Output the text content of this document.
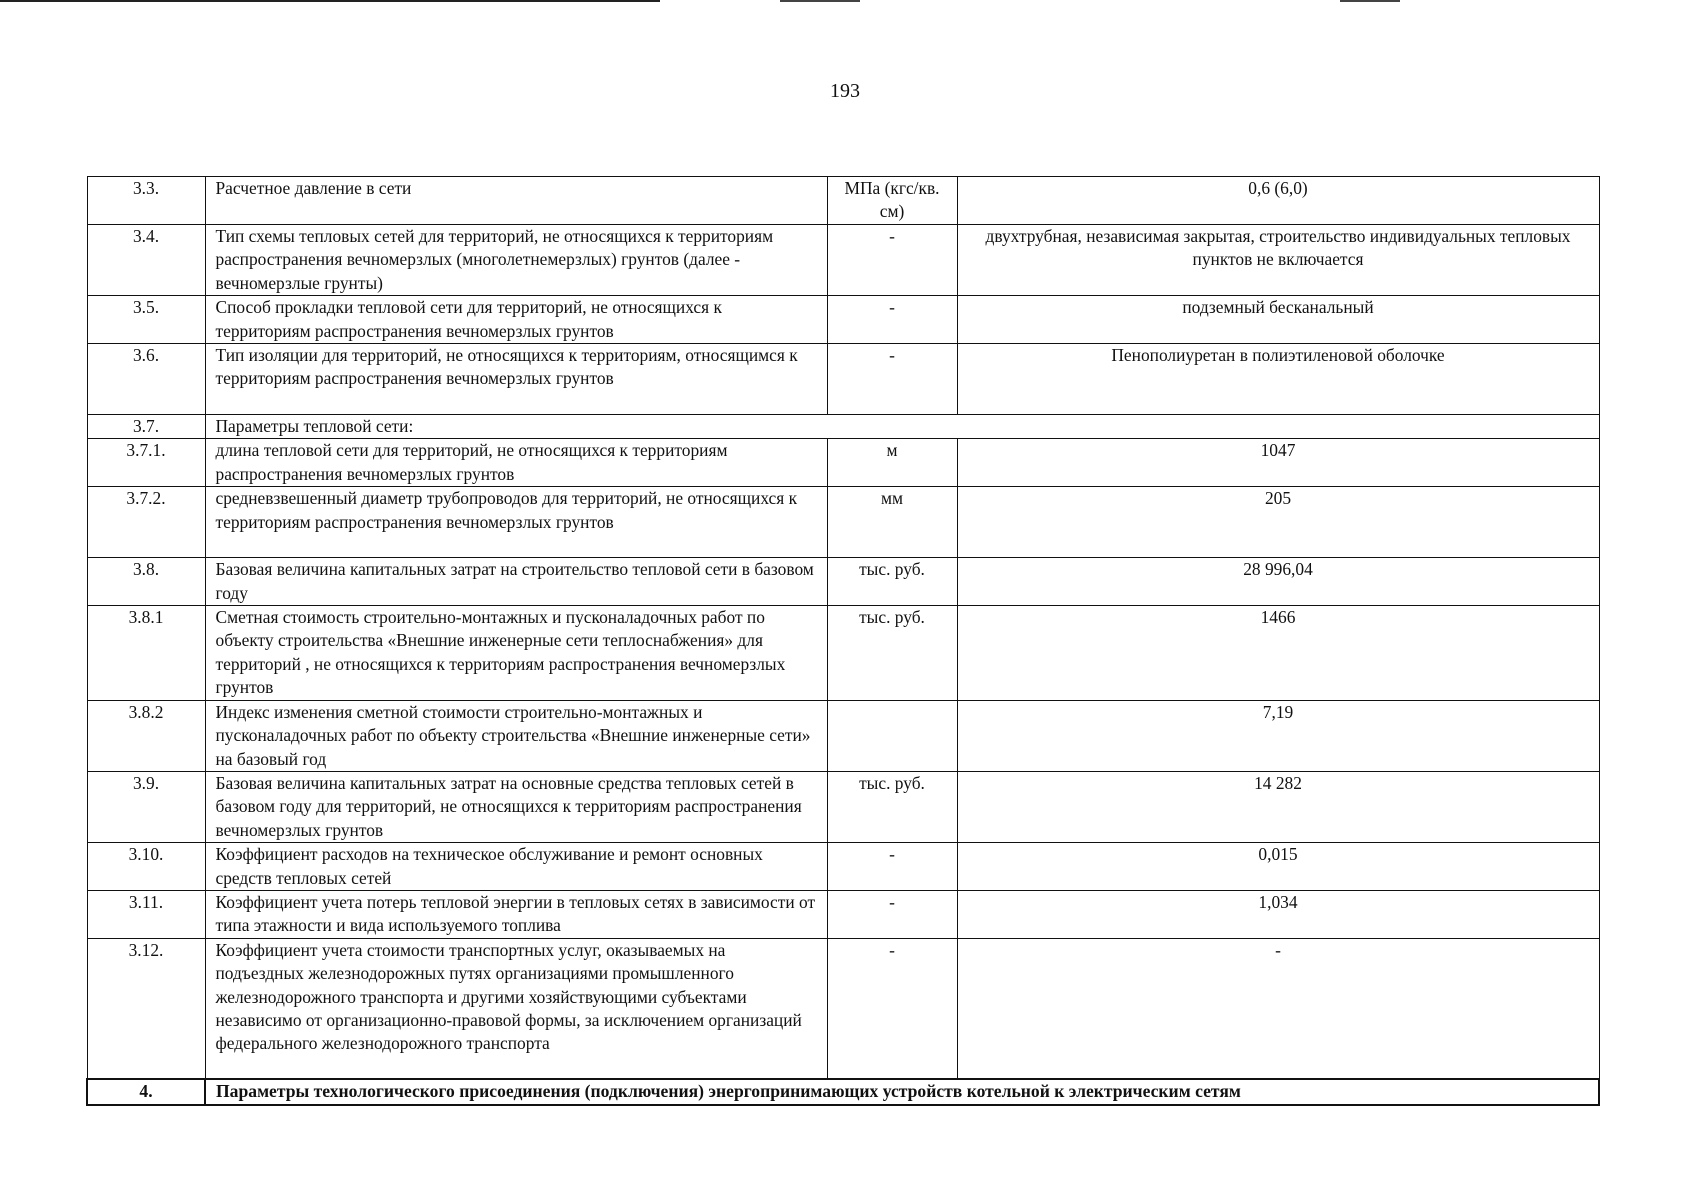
193
3.3.	Расчетное давление в сети	МПа (кгс/кв. см)	0,6 (6,0)
3.4.	Тип схемы тепловых сетей для территорий, не относящихся к территориям распространения вечномерзлых (многолетнемерзлых) грунтов (далее - вечномерзлые грунты)	-	двухтрубная, независимая закрытая, строительство индивидуальных тепловых пунктов не включается
3.5.	Способ прокладки тепловой сети для территорий, не относящихся к территориям распространения вечномерзлых грунтов	-	подземный бесканальный
3.6.	Тип изоляции для территорий, не относящихся к территориям, относящимся к территориям распространения вечномерзлых грунтов	-	Пенополиуретан в полиэтиленовой оболочке
3.7.	Параметры тепловой сети:		
3.7.1.	длина тепловой сети для территорий, не относящихся к территориям распространения вечномерзлых грунтов	м	1047
3.7.2.	средневзвешенный диаметр трубопроводов для территорий, не относящихся к территориям распространения вечномерзлых грунтов	мм	205
3.8.	Базовая величина капитальных затрат на строительство тепловой сети в базовом году	тыс. руб.	28 996,04
3.8.1	Сметная стоимость строительно-монтажных и пусконаладочных работ по объекту строительства «Внешние инженерные сети теплоснабжения» для территорий , не относящихся к территориям распространения вечномерзлых грунтов	тыс. руб.	1466
3.8.2	Индекс изменения сметной стоимости строительно-монтажных и пусконаладочных работ по объекту строительства «Внешние инженерные сети» на базовый год		7,19
3.9.	Базовая величина капитальных затрат на основные средства тепловых сетей в базовом году для территорий, не относящихся к территориям распространения вечномерзлых грунтов	тыс. руб.	14 282
3.10.	Коэффициент расходов на техническое обслуживание и ремонт основных средств тепловых сетей	-	0,015
3.11.	Коэффициент учета потерь тепловой энергии в тепловых сетях в зависимости от типа этажности и вида используемого топлива	-	1,034
3.12.	Коэффициент учета стоимости транспортных услуг, оказываемых на подъездных железнодорожных путях организациями промышленного железнодорожного транспорта и другими хозяйствующими субъектами независимо от организационно-правовой формы, за исключением организаций федерального железнодорожного транспорта	-	-
4.	Параметры технологического присоединения (подключения) энергопринимающих устройств котельной к электрическим сетям		
